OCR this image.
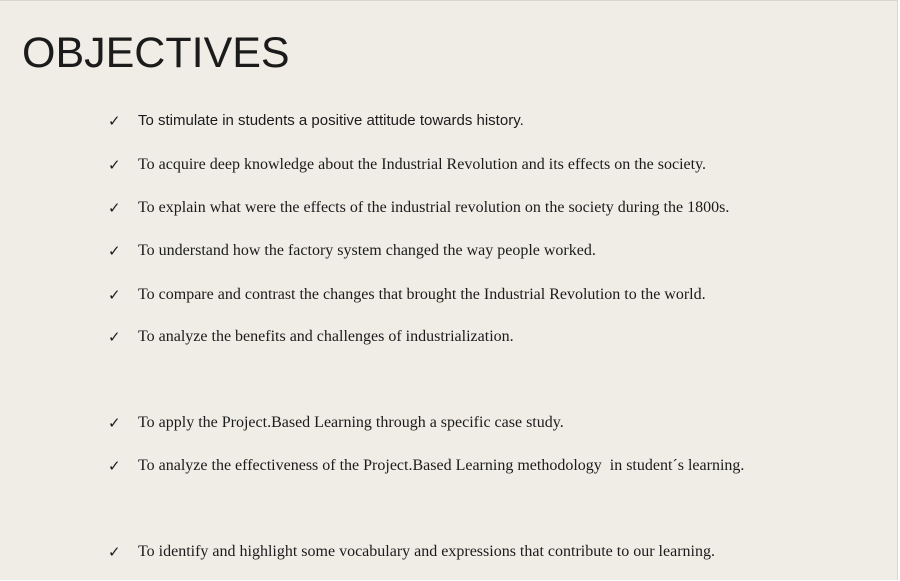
OBJECTIVES
✓	To stimulate in students a positive attitude towards history.
✓	To acquire deep knowledge about the Industrial Revolution and its effects on the society.
✓	To explain what were the effects of the industrial revolution on the society during the 1800s.
✓	To understand how the factory system changed the way people worked.
✓	To compare and contrast the changes that brought the Industrial Revolution to the world.
✓	To analyze the benefits and challenges of industrialization.
✓	To apply the Project.Based Learning through a specific case study.
✓	To analyze the effectiveness of the Project.Based Learning methodology  in student´s learning.
✓	To identify and highlight some vocabulary and expressions that contribute to our learning.
